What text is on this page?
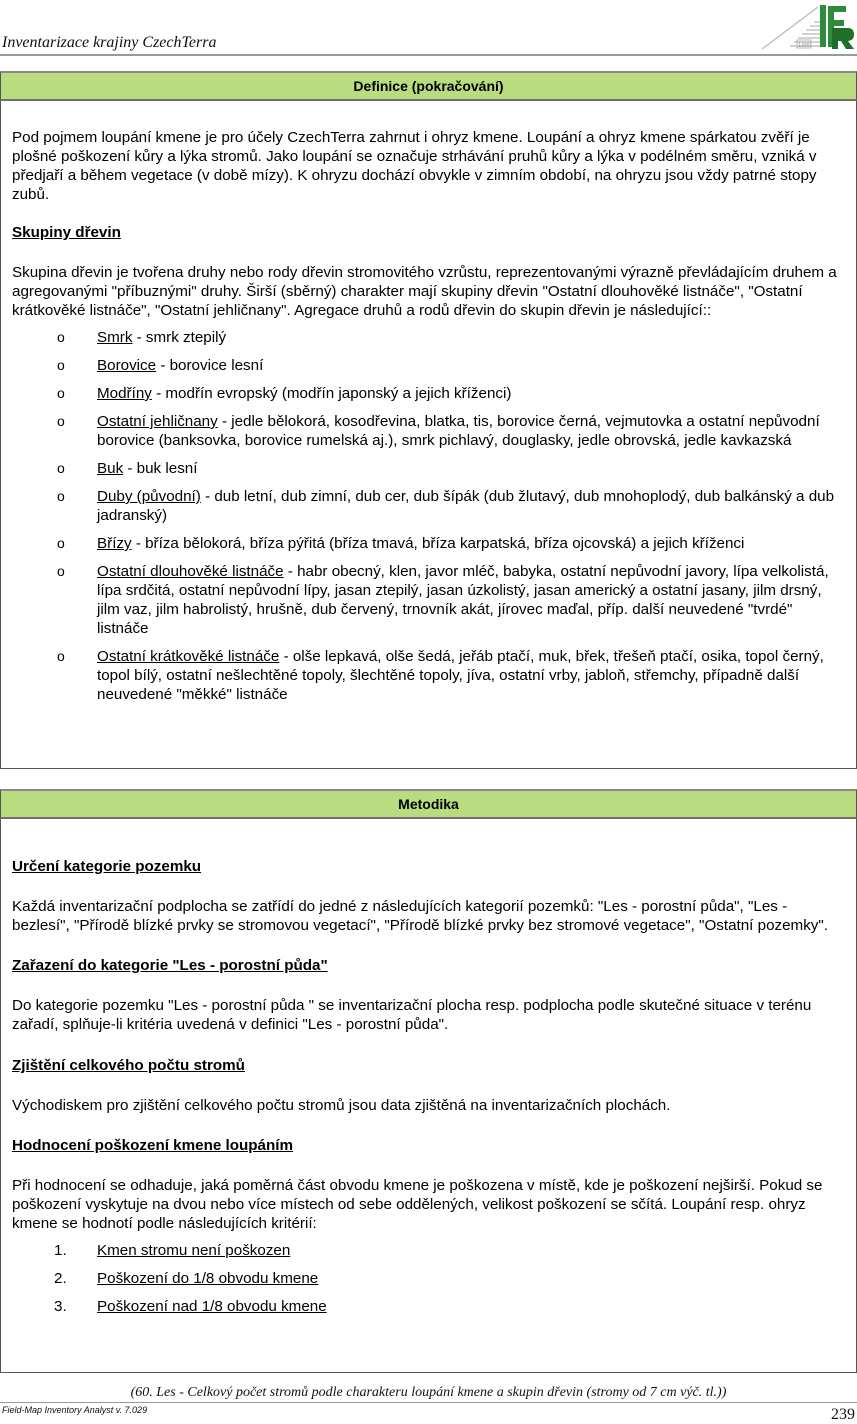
Inventarizace krajiny CzechTerra	1990
Definice (pokračování)

Pod pojmem loupání kmene je pro účely CzechTerra zahrnut i ohryz kmene. Loupání a ohryz kmene spárkatou zvěří je plošné poškození kůry a lýka stromů. Jako loupání se označuje strhávání pruhů kůry a lýka v podélném směru, vzniká v předjaří a během vegetace (v době mízy). K ohryzu dochází obvykle v zimním období, na ohryzu jsou vždy patrné stopy zubů.

Skupiny dřevin

Skupina dřevin je tvořena druhy nebo rody dřevin stromovitého vzrůstu, reprezentovanými výrazně převládajícím druhem a agregovanými "příbuznými" druhy. Širší (sběrný) charakter mají skupiny dřevin "Ostatní dlouhověké listnáče", "Ostatní krátkověké listnáče", "Ostatní jehličnany". Agregace druhů a rodů dřevin do skupin dřevin je následující::

o Smrk - smrk ztepilý
o Borovice - borovice lesní
o Modříny - modřín evropský (modřín japonský a jejich kříženci)
o Ostatní jehličnany - jedle bělokorá, kosodřevina, blatka, tis, borovice černá, vejmutovka a ostatní nepůvodní borovice (banksovka, borovice rumelská aj.), smrk pichlavý, douglasky, jedle obrovská, jedle kavkazská
o Buk - buk lesní
o Duby (původní) - dub letní, dub zimní, dub cer, dub šípák (dub žlutavý, dub mnohoplodý, dub balkánský a dub jadranský)
o Břízy - bříza bělokorá, bříza pýřitá (bříza tmavá, bříza karpatská, bříza ojcovská) a jejich kříženci
o Ostatní dlouhověké listnáče - habr obecný, klen, javor mléč, babyka, ostatní nepůvodní javory, lípa velkolistá, lípa srdčitá, ostatní nepůvodní lípy, jasan ztepilý, jasan úzkolistý, jasan americký a ostatní jasany, jilm drsný, jilm vaz, jilm habrolistý, hrušně, dub červený, trnovník akát, jírovec maďal, příp. další neuvedené "tvrdé" listnáče
o Ostatní krátkověké listnáče - olše lepkavá, olše šedá, jeřáb ptačí, muk, břek, třešeň ptačí, osika, topol černý, topol bílý, ostatní nešlechtěné topoly, šlechtěné topoly, jíva, ostatní vrby, jabloň, střemchy, případně další neuvedené "měkké" listnáče
Metodika

Určení kategorie pozemku

Každá inventarizační podplocha se zatřídí do jedné z následujících kategorií pozemků: "Les - porostní půda", "Les - bezlesí", "Přírodě blízké prvky se stromovou vegetací", "Přírodě blízké prvky bez stromové vegetace", "Ostatní pozemky".

Zařazení do kategorie "Les - porostní půda"

Do kategorie pozemku "Les - porostní půda " se inventarizační plocha resp. podplocha podle skutečné situace v terénu zařadí, splňuje-li kritéria uvedená v definici "Les - porostní půda".

Zjištění celkového počtu stromů

Východiskem pro zjištění celkového počtu stromů jsou data zjištěná na inventarizačních plochách.

Hodnocení poškození kmene loupáním

Při hodnocení se odhaduje, jaká poměrná část obvodu kmene je poškozena v místě, kde je poškození nejširší. Pokud se poškození vyskytuje na dvou nebo více místech od sebe oddělených, velikost poškození se sčítá. Loupání resp. ohryz kmene se hodnotí podle následujících kritérií:

1. Kmen stromu není poškozen
2. Poškození do 1/8 obvodu kmene
3. Poškození nad 1/8 obvodu kmene
(60. Les - Celkový počet stromů podle charakteru loupání kmene a skupin dřevin (stromy od 7 cm výč. tl.))
Field-Map Inventory Analyst v. 7.029	239
